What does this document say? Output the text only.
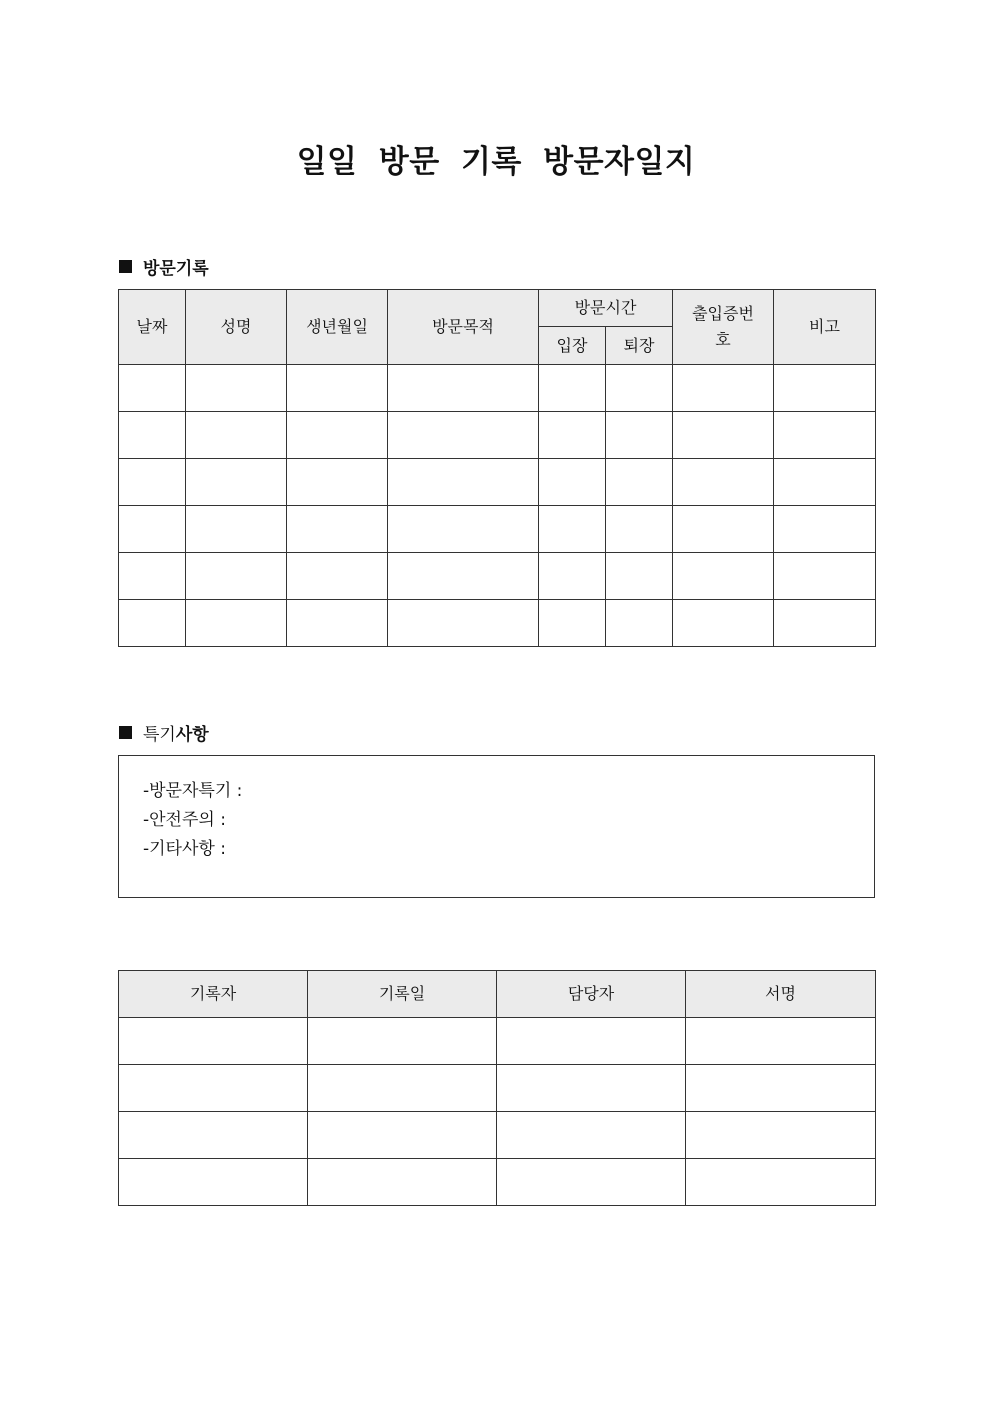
일일 방문 기록 방문자일지
방문기록
날짜	성명	생년월일	방문목적	방문시간		출입증번호	비고
				입장	퇴장		

특기 사항
-방문자특기 :
-안전주의 :
-기타사항 :
기록자	기록일	담당자	서명
